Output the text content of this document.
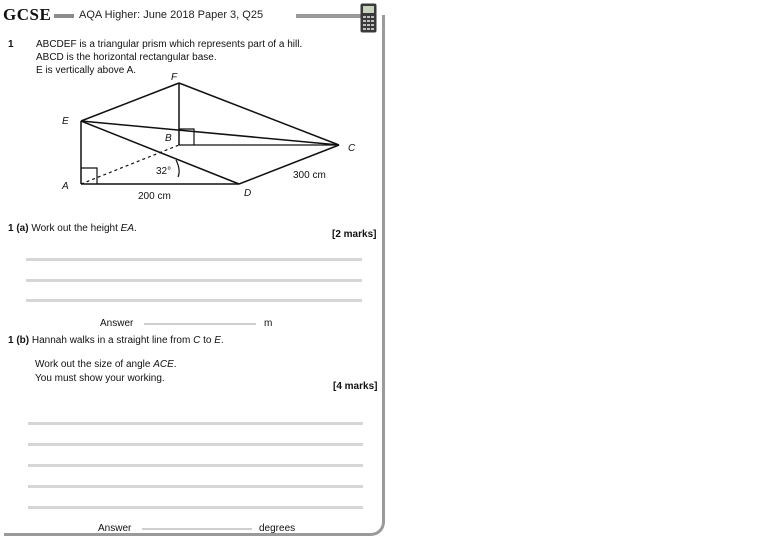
GCSE	AQA Higher: June 2018 Paper 3, Q25
1 ABCDEF is a triangular prism which represents part of a hill.
ABCD is the horizontal rectangular base.
E is vertically above A.
F
E
B
C
A
D
32°
200 cm
300 cm
1 (a) Work out the height EA.
[2 marks]
Answer	m
1 (b) Hannah walks in a straight line from C to E.
Work out the size of angle ACE.
You must show your working.
[4 marks]
Answer	degrees
